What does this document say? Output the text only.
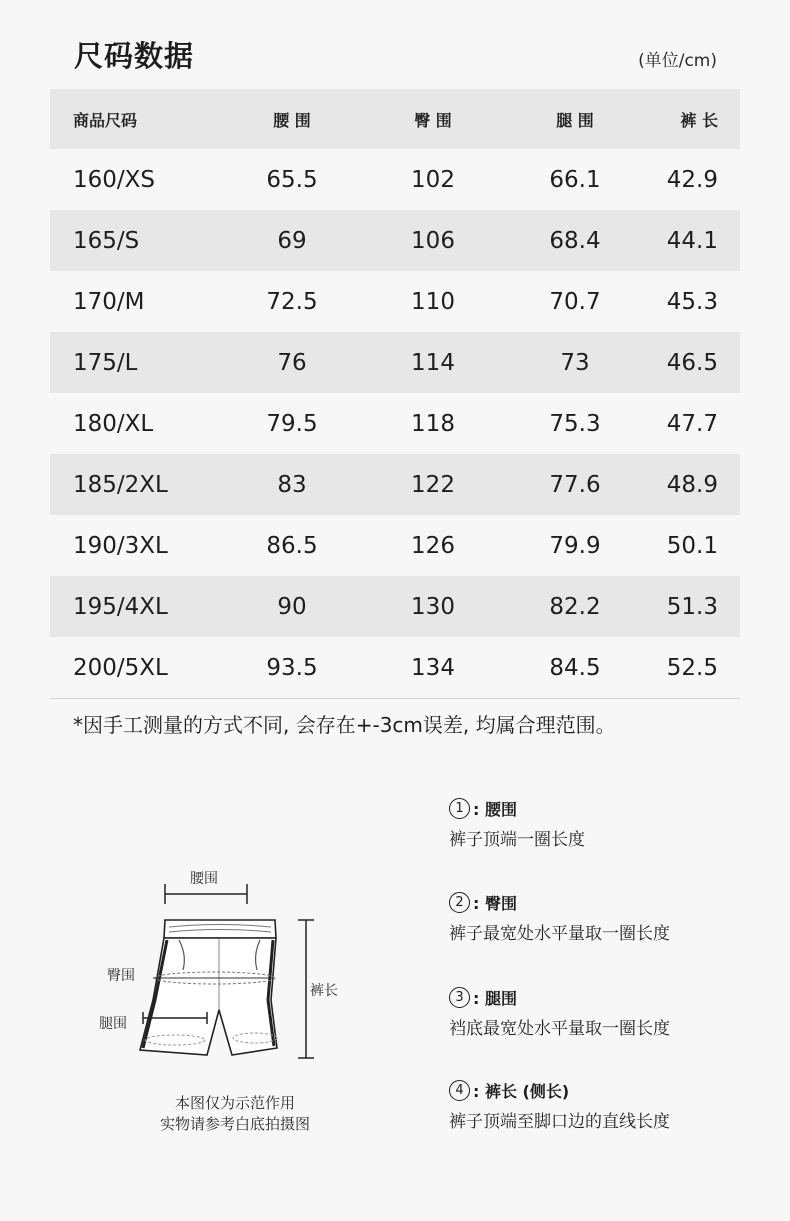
尺码数据	(单位/cm)
商品尺码	腰 围	臀 围	腿 围	裤 长
160/XS	65.5	102	66.1	42.9
165/S	69	106	68.4	44.1
170/M	72.5	110	70.7	45.3
175/L	76	114	73	46.5
180/XL	79.5	118	75.3	47.7
185/2XL	83	122	77.6	48.9
190/3XL	86.5	126	79.9	50.1
195/4XL	90	130	82.2	51.3
200/5XL	93.5	134	84.5	52.5
*因手工测量的方式不同, 会存在+-3cm误差, 均属合理范围。
腰围
臀围
腿围
裤长
本图仅为示范作用
实物请参考白底拍摄图
1 : 腰围
裤子顶端一圈长度
2 : 臀围
裤子最宽处水平量取一圈长度
3 : 腿围
裆底最宽处水平量取一圈长度
4 : 裤长 (侧长)
裤子顶端至脚口边的直线长度
